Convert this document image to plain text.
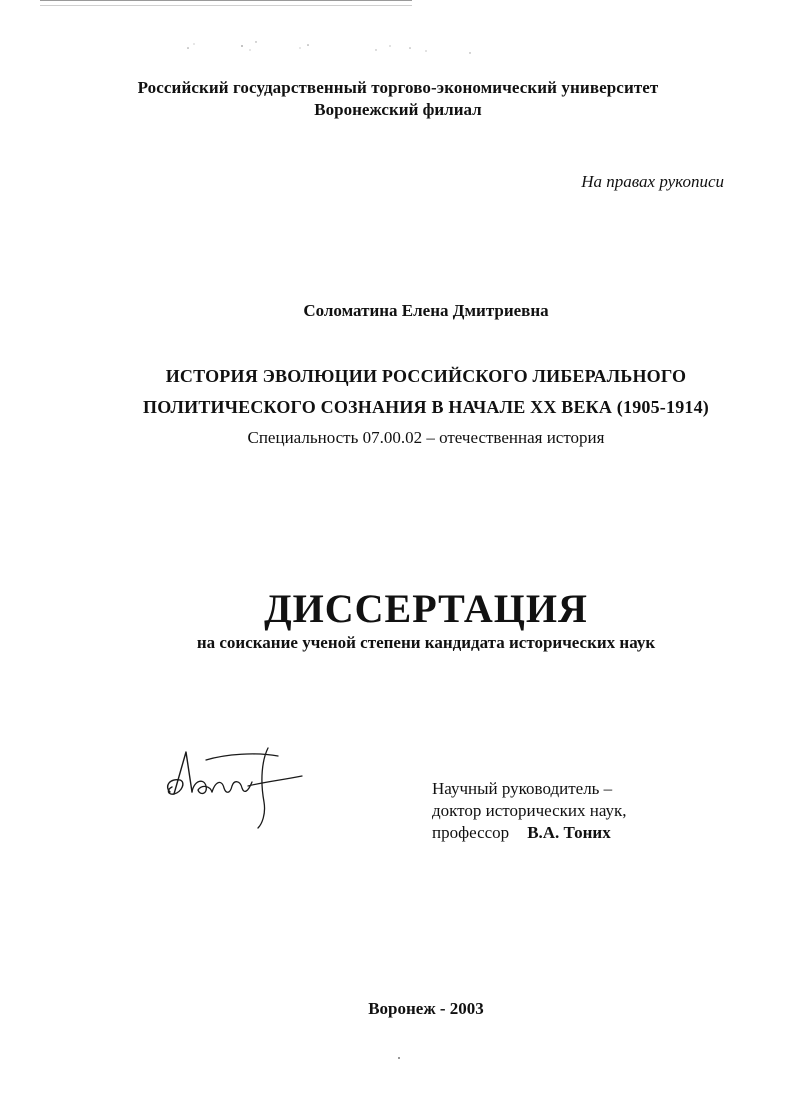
Российский государственный торгово-экономический университет
Воронежский филиал
На правах рукописи
Соломатина Елена Дмитриевна
ИСТОРИЯ ЭВОЛЮЦИИ РОССИЙСКОГО ЛИБЕРАЛЬНОГО
ПОЛИТИЧЕСКОГО СОЗНАНИЯ В НАЧАЛЕ XX ВЕКА (1905-1914)
Специальность 07.00.02 – отечественная история
ДИССЕРТАЦИЯ
на соискание ученой степени кандидата исторических наук
Научный руководитель –
доктор исторических наук,
профессор В.А. Тоних
Воронеж - 2003
